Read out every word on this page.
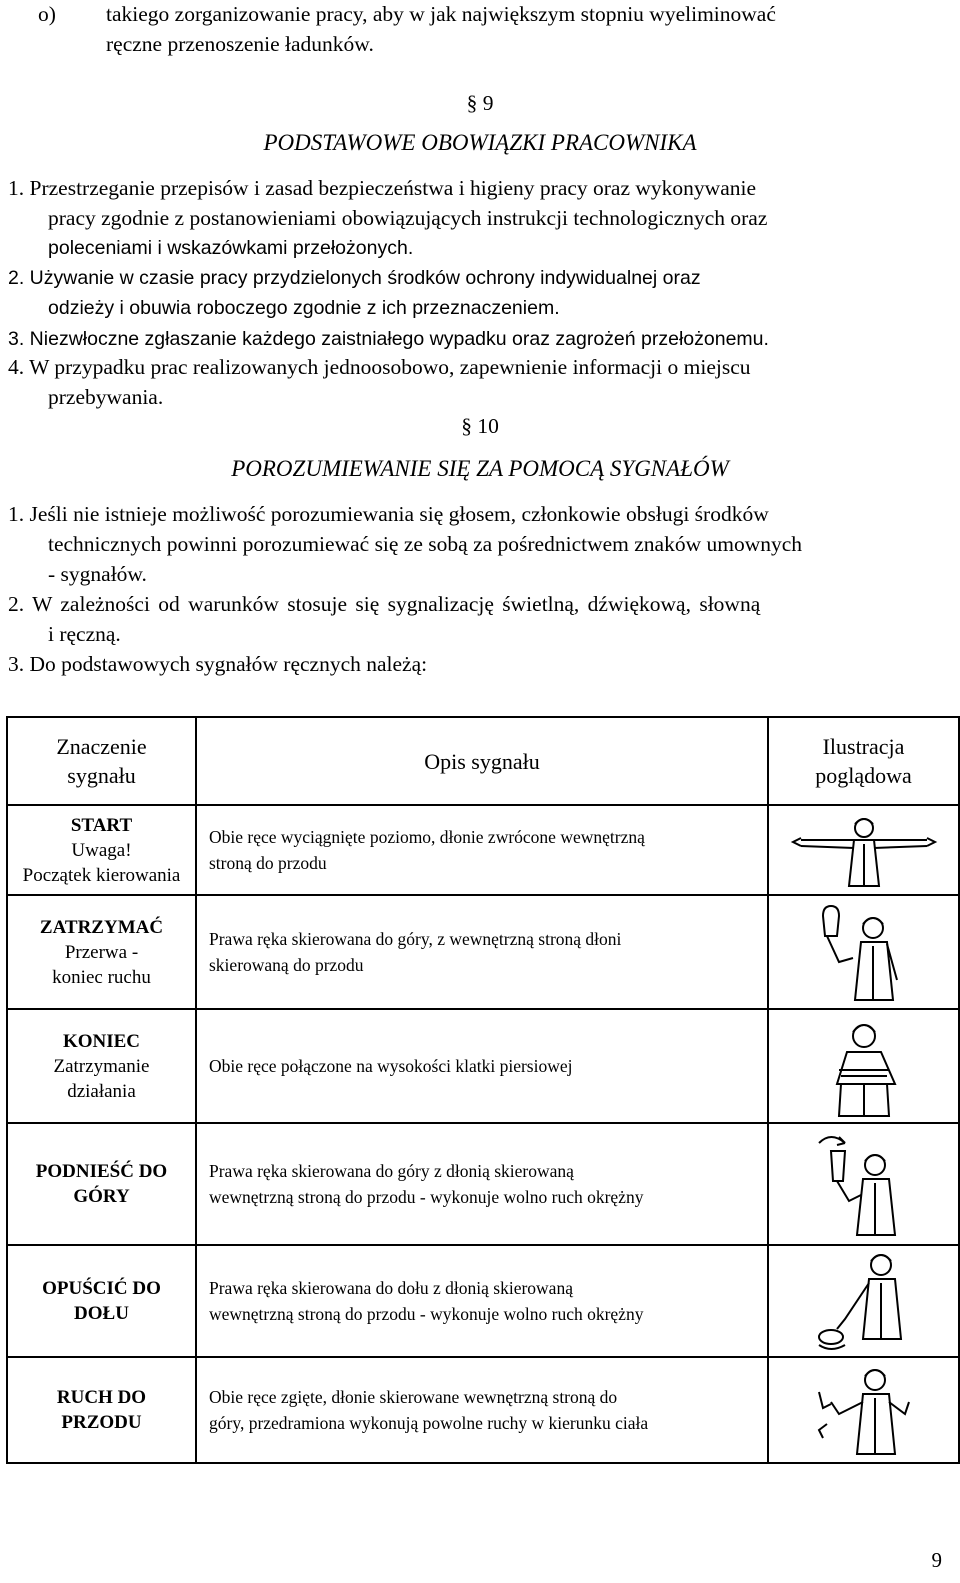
o) takiego zorganizowanie pracy, aby w jak największym stopniu wyeliminować
ręczne przenoszenie ładunków.
§ 9
PODSTAWOWE OBOWIĄZKI PRACOWNIKA
1. Przestrzeganie przepisów i zasad bezpieczeństwa i higieny pracy oraz wykonywanie
pracy zgodnie z postanowieniami obowiązujących instrukcji technologicznych oraz
poleceniami i wskazówkami przełożonych.
2. Używanie w czasie pracy przydzielonych środków ochrony indywidualnej oraz
odzieży i obuwia roboczego zgodnie z ich przeznaczeniem.
3. Niezwłoczne zgłaszanie każdego zaistniałego wypadku oraz zagrożeń przełożonemu.
4. W przypadku prac realizowanych jednoosobowo, zapewnienie informacji o miejscu
przebywania.
§ 10
POROZUMIEWANIE SIĘ ZA POMOCĄ SYGNAŁÓW
1. Jeśli nie istnieje możliwość porozumiewania się głosem, członkowie obsługi środków
technicznych powinni porozumiewać się ze sobą za pośrednictwem znaków umownych
- sygnałów.
2. W zależności od warunków stosuje się sygnalizację świetlną, dźwiękową, słowną
i ręczną.
3. Do podstawowych sygnałów ręcznych należą:
Znaczenie
sygnału	Opis sygnału	Ilustracja
poglądowa
START
Uwaga!
Początek kierowania	Obie ręce wyciągnięte poziomo, dłonie zwrócone wewnętrzną
stroną do przodu	

ZATRZYMAĆ
Przerwa -
koniec ruchu	Prawa ręka skierowana do góry, z wewnętrzną stroną dłoni
skierowaną do przodu	

KONIEC
Zatrzymanie
działania	Obie ręce połączone na wysokości klatki piersiowej	

PODNIEŚĆ DO
GÓRY	Prawa ręka skierowana do góry z dłonią skierowaną
wewnętrzną stroną do przodu - wykonuje wolno ruch okrężny	

OPUŚCIĆ DO
DOŁU	Prawa ręka skierowana do dołu z dłonią skierowaną
wewnętrzną stroną do przodu - wykonuje wolno ruch okrężny	

RUCH DO
PRZODU	Obie ręce zgięte, dłonie skierowane wewnętrzną stroną do
góry, przedramiona wykonują powolne ruchy w kierunku ciała	
9
